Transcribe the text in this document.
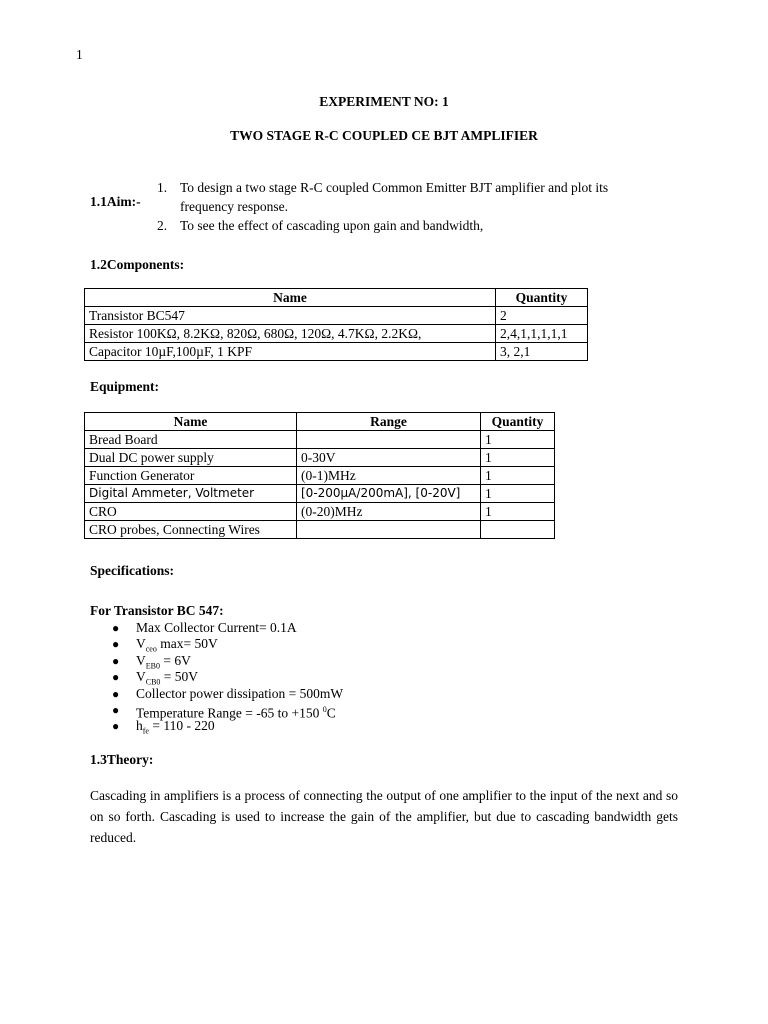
1
EXPERIMENT NO: 1
TWO STAGE R-C COUPLED CE BJT AMPLIFIER
1.1Aim:-
1. To design a two stage R-C coupled Common Emitter BJT amplifier and plot its frequency response.
2. To see the effect of cascading upon gain and bandwidth,
1.2Components:
Name	Quantity
Transistor BC547	2
Resistor 100KΩ, 8.2KΩ, 820Ω, 680Ω, 120Ω, 4.7KΩ, 2.2KΩ,	2,4,1,1,1,1,1
Capacitor 10µF,100µF, 1 KPF	3, 2,1
Equipment:
Name	Range	Quantity
Bread Board		1
Dual DC power supply	0-30V	1
Function Generator	(0-1)MHz	1
Digital Ammeter, Voltmeter	[0-200µA/200mA], [0-20V]	1
CRO	(0-20)MHz	1
CRO probes, Connecting Wires		
Specifications:
For Transistor BC 547:
● Max Collector Current= 0.1A
● $V_{ceo}$ max= 50V
● $V_{EB0} = 6V$
● $V_{CB0} = 50V$
● Collector power dissipation = 500mW
● Temperature Range = -65 to +150 $^0$C
● $h_{fe} = 110 - 220$
1.3Theory:
Cascading in amplifiers is a process of connecting the output of one amplifier to the input of the next and so on so forth. Cascading is used to increase the gain of the amplifier, but due to cascading bandwidth gets reduced.
